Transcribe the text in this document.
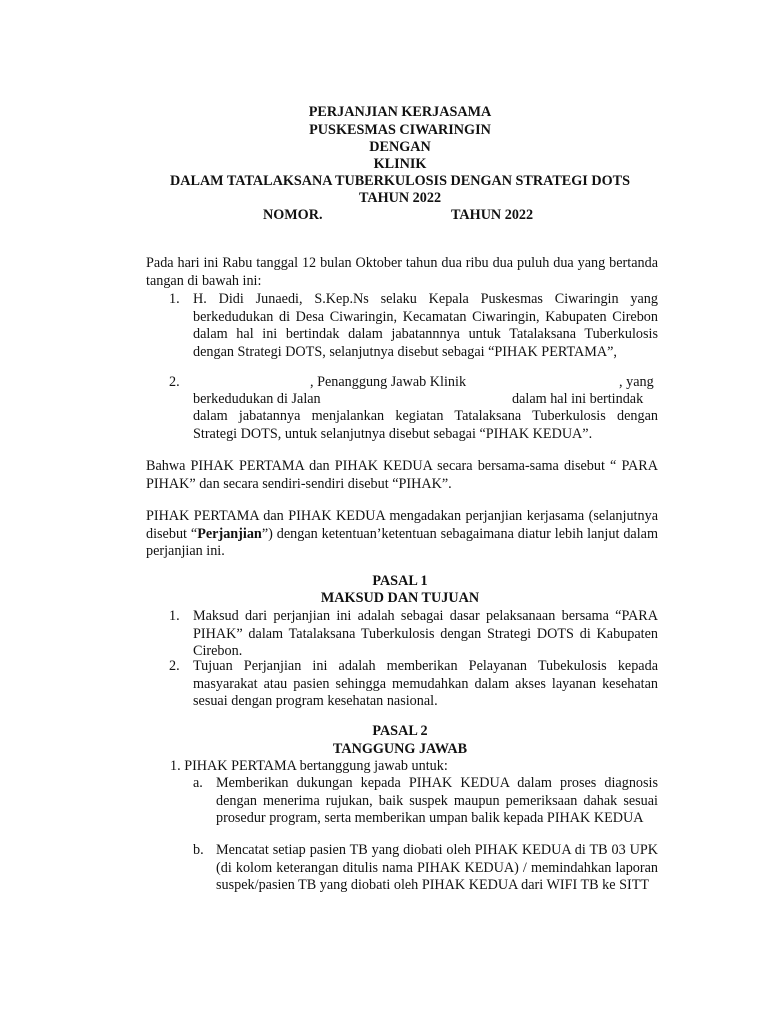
PERJANJIAN KERJASAMA
PUSKESMAS CIWARINGIN
DENGAN
KLINIK
DALAM TATALAKSANA TUBERKULOSIS DENGAN STRATEGI DOTS
TAHUN 2022
NOMOR.	TAHUN 2022
Pada hari ini Rabu tanggal 12 bulan Oktober tahun dua ribu dua puluh dua yang bertanda tangan di bawah ini:
1. H. Didi Junaedi, S.Kep.Ns selaku Kepala Puskesmas Ciwaringin yang berkedudukan di Desa Ciwaringin, Kecamatan Ciwaringin, Kabupaten Cirebon dalam hal ini bertindak dalam jabatannnya untuk Tatalaksana Tuberkulosis dengan Strategi DOTS, selanjutnya disebut sebagai “PIHAK PERTAMA”,
2.	, Penanggung Jawab Klinik	, yang
berkedudukan di Jalan	dalam hal ini bertindak
dalam jabatannya menjalankan kegiatan Tatalaksana Tuberkulosis dengan Strategi DOTS, untuk selanjutnya disebut sebagai “PIHAK KEDUA”.
Bahwa PIHAK PERTAMA dan PIHAK KEDUA secara bersama-sama disebut “ PARA PIHAK” dan secara sendiri-sendiri disebut “PIHAK”.
PIHAK PERTAMA dan PIHAK KEDUA mengadakan perjanjian kerjasama (selanjutnya disebut “Perjanjian”) dengan ketentuan’ketentuan sebagaimana diatur lebih lanjut dalam perjanjian ini.
PASAL 1
MAKSUD DAN TUJUAN
1. Maksud dari perjanjian ini adalah sebagai dasar pelaksanaan bersama “PARA PIHAK” dalam Tatalaksana Tuberkulosis dengan Strategi DOTS di Kabupaten Cirebon.
2. Tujuan Perjanjian ini adalah memberikan Pelayanan Tubekulosis kepada masyarakat atau pasien sehingga memudahkan dalam akses layanan kesehatan sesuai dengan program kesehatan nasional.
PASAL 2
TANGGUNG JAWAB
1. PIHAK PERTAMA bertanggung jawab untuk:
a. Memberikan dukungan kepada PIHAK KEDUA dalam proses diagnosis dengan menerima rujukan, baik suspek maupun pemeriksaan dahak sesuai prosedur program, serta memberikan umpan balik kepada PIHAK KEDUA
b. Mencatat setiap pasien TB yang diobati oleh PIHAK KEDUA di TB 03 UPK (di kolom keterangan ditulis nama PIHAK KEDUA) / memindahkan laporan suspek/pasien TB yang diobati oleh PIHAK KEDUA dari WIFI TB ke SITT
